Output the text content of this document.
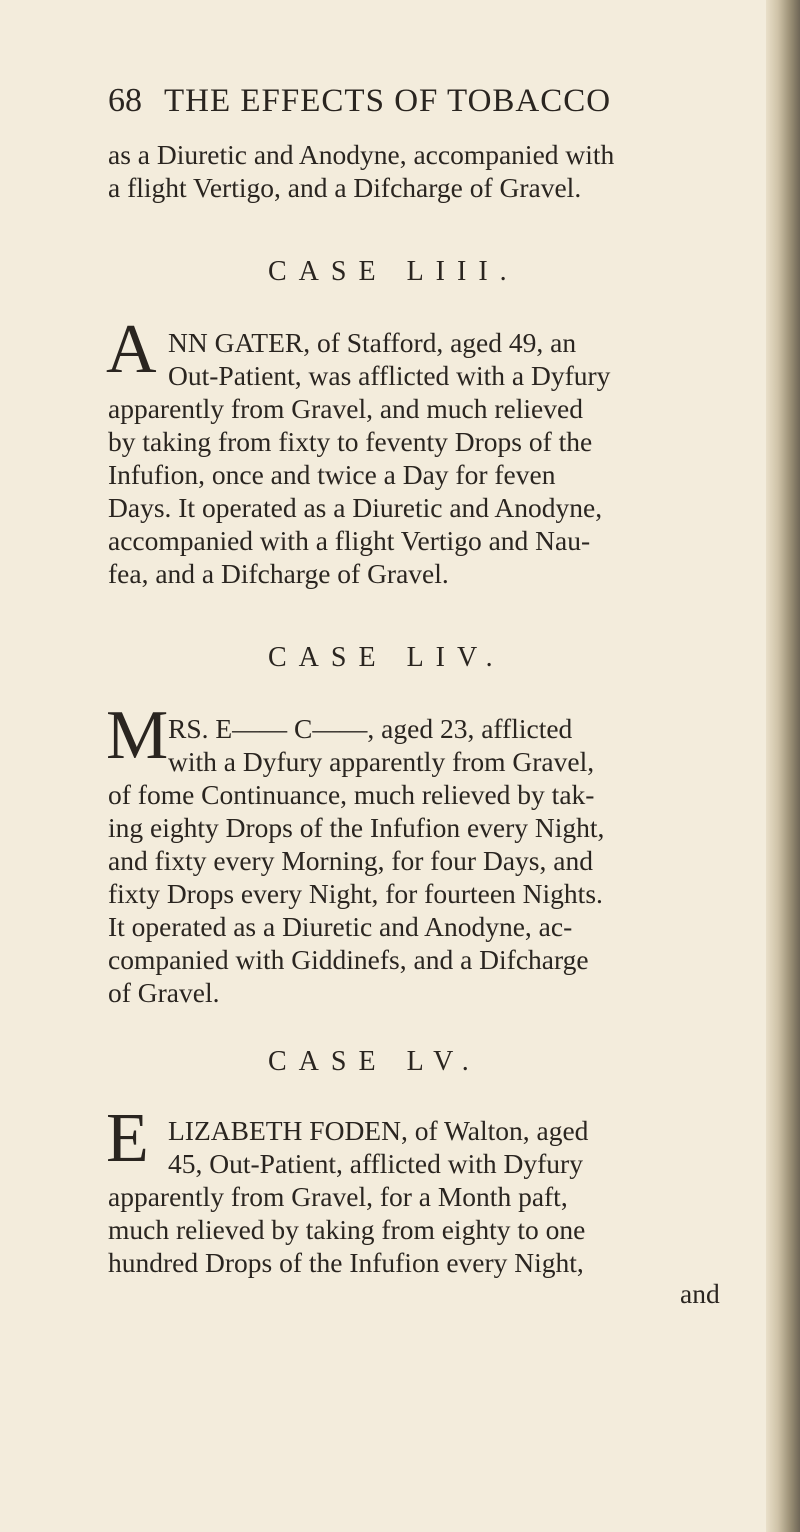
68 THE EFFECTS OF TOBACCO
as a Diuretic and Anodyne, accompanied with
a flight Vertigo, and a Difcharge of Gravel.
CASE LIII.
A NN GATER, of Stafford, aged 49, an
Out-Patient, was afflicted with a Dyfury
apparently from Gravel, and much relieved
by taking from fixty to feventy Drops of the
Infufion, once and twice a Day for feven
Days. It operated as a Diuretic and Anodyne,
accompanied with a flight Vertigo and Nau-
fea, and a Difcharge of Gravel.
CASE LIV.
M RS. E—— C——, aged 23, afflicted
with a Dyfury apparently from Gravel,
of fome Continuance, much relieved by tak-
ing eighty Drops of the Infufion every Night,
and fixty every Morning, for four Days, and
fixty Drops every Night, for fourteen Nights.
It operated as a Diuretic and Anodyne, ac-
companied with Giddinefs, and a Difcharge
of Gravel.
CASE LV.
E LIZABETH FODEN, of Walton, aged
45, Out-Patient, afflicted with Dyfury
apparently from Gravel, for a Month paft,
much relieved by taking from eighty to one
hundred Drops of the Infufion every Night,
and
